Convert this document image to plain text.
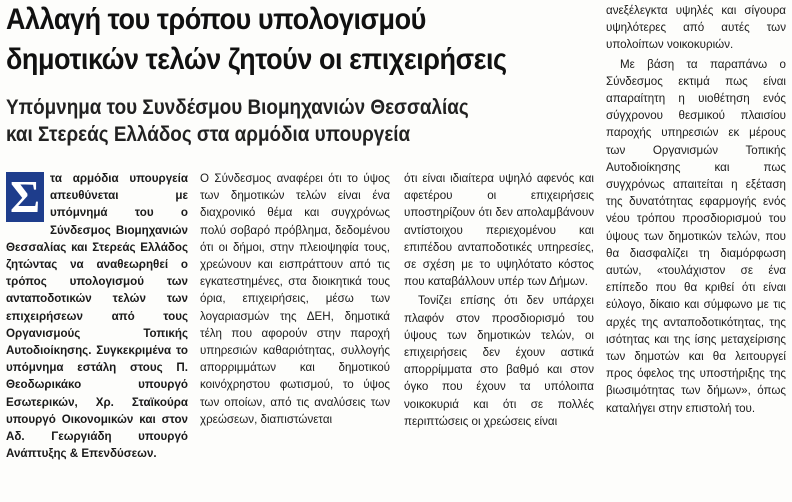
Αλλαγή του τρόπου υπολογισμού
δημοτικών τελών ζητούν οι επιχειρήσεις
Υπόμνημα του Συνδέσμου Βιομηχανιών Θεσσαλίας
και Στερεάς Ελλάδος στα αρμόδια υπουργεία

Σ τα αρμόδια υπουργεία απευθύνεται με υπόμνημά του ο Σύνδεσμος Βιομηχανιών Θεσσαλίας και Στερεάς Ελλάδος ζητώντας να αναθεωρηθεί ο τρόπος υπολογισμού των ανταποδοτικών τελών των επιχειρήσεων από τους Οργανισμούς Τοπικής Αυτοδιοίκησης. Συγκεκριμένα το υπόμνημα εστάλη στους Π. Θεοδωρικάκο υπουργό Εσωτερικών, Χρ. Σταϊκούρα υπουργό Οικονομικών και στον Αδ. Γεωργιάδη υπουργό Ανάπτυξης & Επενδύσεων.

Ο Σύνδεσμος αναφέρει ότι το ύψος των δημοτικών τελών είναι ένα διαχρονικό θέμα και συγχρόνως πολύ σοβαρό πρόβλημα, δεδομένου ότι οι δήμοι, στην πλειοψηφία τους, χρεώνουν και εισπράττουν από τις εγκατεστημένες, στα διοικητικά τους όρια, επιχειρήσεις, μέσω των λογαριασμών της ΔΕΗ, δημοτικά τέλη που αφορούν στην παροχή υπηρεσιών καθαριότητας, συλλογής απορριμμάτων και δημοτικού κοινόχρηστου φωτισμού, το ύψος των οποίων, από τις αναλύσεις των χρεώσεων, διαπιστώνεται

ότι είναι ιδιαίτερα υψηλό αφενός και αφετέρου οι επιχειρήσεις υποστηρίζουν ότι δεν απολαμβάνουν αντίστοιχου περιεχομένου και επιπέδου ανταποδοτικές υπηρεσίες, σε σχέση με το υψηλότατο κόστος που καταβάλλουν υπέρ των Δήμων.

Τονίζει επίσης ότι δεν υπάρχει πλαφόν στον προσδιορισμό του ύψους των δημοτικών τελών, οι επιχειρήσεις δεν έχουν αστικά απορρίμματα στο βαθμό και στον όγκο που έχουν τα υπόλοιπα νοικοκυριά και ότι σε πολλές περιπτώσεις οι χρεώσεις είναι

ανεξέλεγκτα υψηλές και σίγουρα υψηλότερες από αυτές των υπολοίπων νοικοκυριών.

Με βάση τα παραπάνω ο Σύνδεσμος εκτιμά πως είναι απαραίτητη η υιοθέτηση ενός σύγχρονου θεσμικού πλαισίου παροχής υπηρεσιών εκ μέρους των Οργανισμών Τοπικής Αυτοδιοίκησης και πως συγχρόνως απαιτείται η εξέταση της δυνατότητας εφαρμογής ενός νέου τρόπου προσδιορισμού του ύψους των δημοτικών τελών, που θα διασφαλίζει τη διαμόρφωση αυτών, «τουλάχιστον σε ένα επίπεδο που θα κριθεί ότι είναι εύλογο, δίκαιο και σύμφωνο με τις αρχές της ανταποδοτικότητας, της ισότητας και της ίσης μεταχείρισης των δημοτών και θα λειτουργεί προς όφελος της υποστήριξης της βιωσιμότητας των δήμων», όπως καταλήγει στην επιστολή του.
